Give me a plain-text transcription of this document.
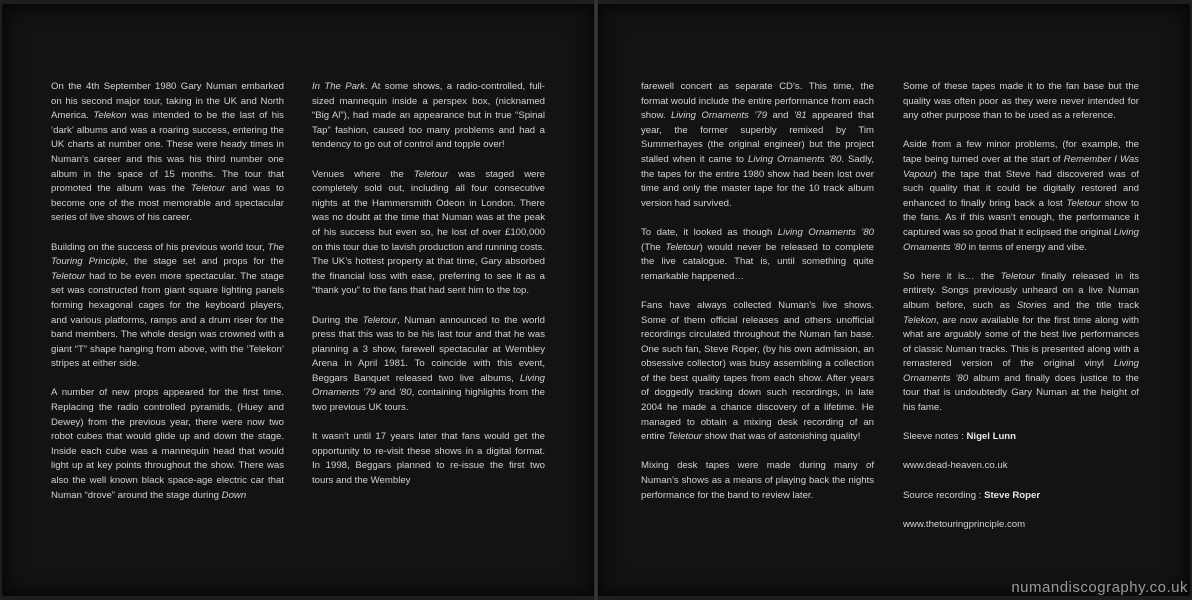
On the 4th September 1980 Gary Numan embarked on his second major tour, taking in the UK and North America. Telekon was intended to be the last of his ‘dark’ albums and was a roaring success, entering the UK charts at number one. These were heady times in Numan’s career and this was his third number one album in the space of 15 months. The tour that promoted the album was the Teletour and was to become one of the most memorable and spectacular series of live shows of his career.

Building on the success of his previous world tour, The Touring Principle, the stage set and props for the Teletour had to be even more spectacular. The stage set was constructed from giant square lighting panels forming hexagonal cages for the keyboard players, and various platforms, ramps and a drum riser for the band members. The whole design was crowned with a giant “T” shape hanging from above, with the ‘Telekon’ stripes at either side.

A number of new props appeared for the first time. Replacing the radio controlled pyramids, (Huey and Dewey) from the previous year, there were now two robot cubes that would glide up and down the stage. Inside each cube was a mannequin head that would light up at key points throughout the show. There was also the well known black space-age electric car that Numan “drove” around the stage during Down

In The Park. At some shows, a radio-controlled, full-sized mannequin inside a perspex box, (nicknamed “Big Al”), had made an appearance but in true “Spinal Tap” fashion, caused too many problems and had a tendency to go out of control and topple over!

Venues where the Teletour was staged were completely sold out, including all four consecutive nights at the Hammersmith Odeon in London. There was no doubt at the time that Numan was at the peak of his success but even so, he lost of over £100,000 on this tour due to lavish production and running costs. The UK’s hottest property at that time, Gary absorbed the financial loss with ease, preferring to see it as a “thank you” to the fans that had sent him to the top.

During the Teletour, Numan announced to the world press that this was to be his last tour and that he was planning a 3 show, farewell spectacular at Wembley Arena in April 1981. To coincide with this event, Beggars Banquet released two live albums, Living Ornaments ’79 and ’80, containing highlights from the two previous UK tours.

It wasn’t until 17 years later that fans would get the opportunity to re-visit these shows in a digital format. In 1998, Beggars planned to re-issue the first two tours and the Wembley

farewell concert as separate CD’s. This time, the format would include the entire performance from each show. Living Ornaments ’79 and ’81 appeared that year, the former superbly remixed by Tim Summerhayes (the original engineer) but the project stalled when it came to Living Ornaments ’80. Sadly, the tapes for the entire 1980 show had been lost over time and only the master tape for the 10 track album version had survived.

To date, it looked as though Living Ornaments ’80 (The Teletour) would never be released to complete the live catalogue. That is, until something quite remarkable happened…

Fans have always collected Numan’s live shows. Some of them official releases and others unofficial recordings circulated throughout the Numan fan base. One such fan, Steve Roper, (by his own admission, an obsessive collector) was busy assembling a collection of the best quality tapes from each show. After years of doggedly tracking down such recordings, in late 2004 he made a chance discovery of a lifetime. He managed to obtain a mixing desk recording of an entire Teletour show that was of astonishing quality!

Mixing desk tapes were made during many of Numan’s shows as a means of playing back the nights performance for the band to review later.

Some of these tapes made it to the fan base but the quality was often poor as they were never intended for any other purpose than to be used as a reference.

Aside from a few minor problems, (for example, the tape being turned over at the start of Remember I Was Vapour) the tape that Steve had discovered was of such quality that it could be digitally restored and enhanced to finally bring back a lost Teletour show to the fans. As if this wasn’t enough, the performance it captured was so good that it eclipsed the original Living Ornaments ’80 in terms of energy and vibe.

So here it is… the Teletour finally released in its entirety. Songs previously unheard on a live Numan album before, such as Stories and the title track Telekon, are now available for the first time along with what are arguably some of the best live performances of classic Numan tracks. This is presented along with a remastered version of the original vinyl Living Ornaments ’80 album and finally does justice to the tour that is undoubtedly Gary Numan at the height of his fame.

Sleeve notes : Nigel Lunn

www.dead-heaven.co.uk

Source recording : Steve Roper

www.thetouringprinciple.com

numandiscography.co.uk
